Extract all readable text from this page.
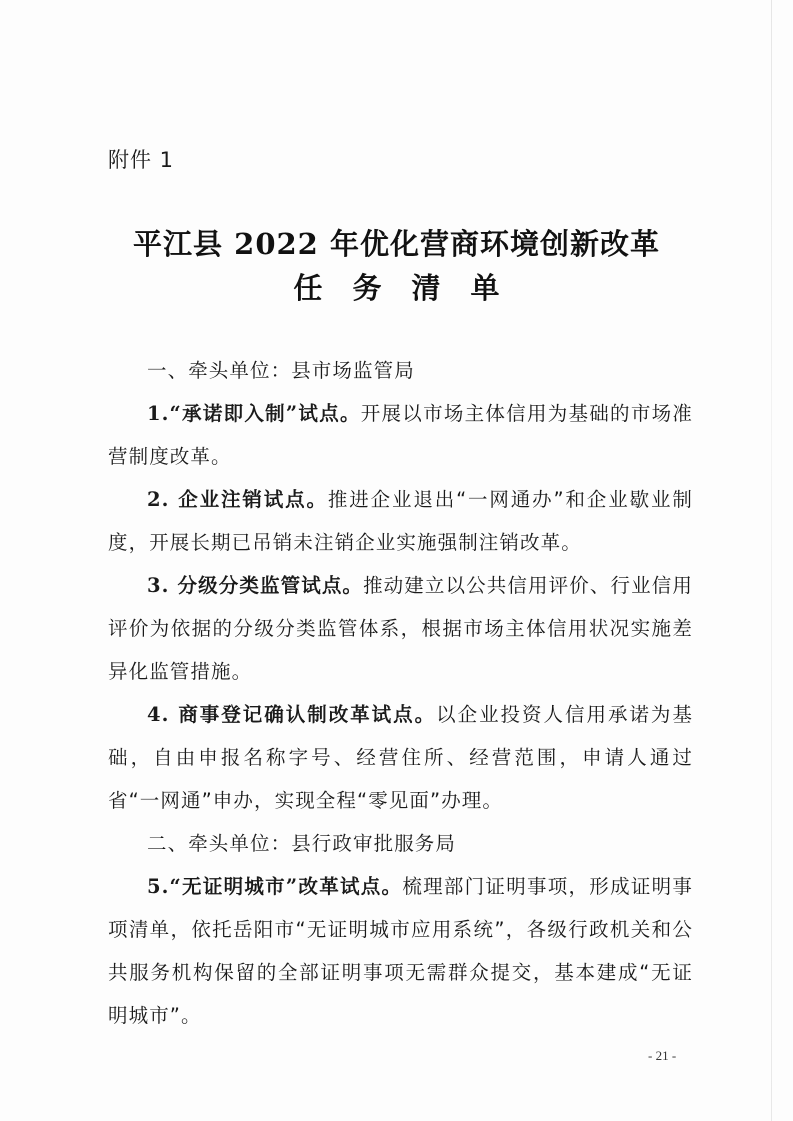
附件 1
平江县 2022 年优化营商环境创新改革
任务清单

一、牵头单位：县市场监管局

1.“承诺即入制”试点。开展以市场主体信用为基础的市场准营制度改革。

2. 企业注销试点。推进企业退出“一网通办”和企业歇业制度，开展长期已吊销未注销企业实施强制注销改革。

3. 分级分类监管试点。推动建立以公共信用评价、行业信用评价为依据的分级分类监管体系，根据市场主体信用状况实施差异化监管措施。

4. 商事登记确认制改革试点。以企业投资人信用承诺为基础，自由申报名称字号、经营住所、经营范围，申请人通过省“一网通”申办，实现全程“零见面”办理。

二、牵头单位：县行政审批服务局

5.“无证明城市”改革试点。梳理部门证明事项，形成证明事项清单，依托岳阳市“无证明城市应用系统”，各级行政机关和公共服务机构保留的全部证明事项无需群众提交，基本建成“无证明城市”。

- 21 -
